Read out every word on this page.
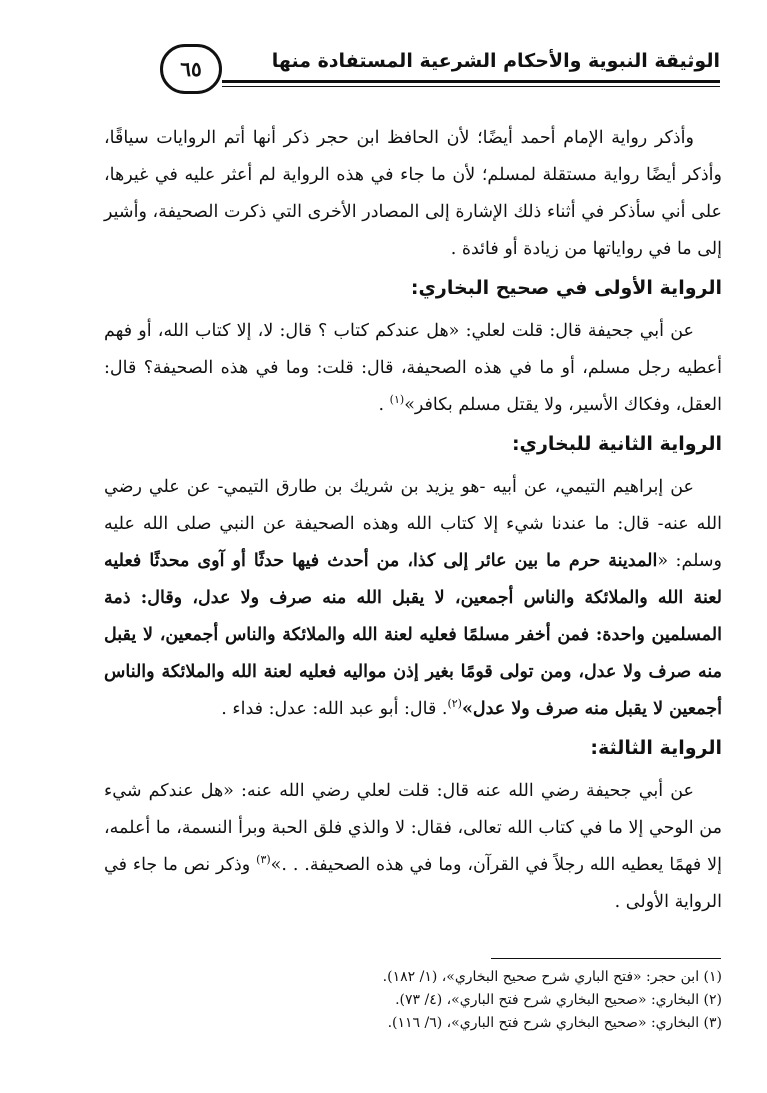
الوثيقة النبوية والأحكام الشرعية المستفادة منها
٦٥

وأذكر رواية الإمام أحمد أيضًا؛ لأن الحافظ ابن حجر ذكر أنها أتم الروايات سياقًا، وأذكر أيضًا رواية مستقلة لمسلم؛ لأن ما جاء في هذه الرواية لم أعثر عليه في غيرها، على أني سأذكر في أثناء ذلك الإشارة إلى المصادر الأخرى التي ذكرت الصحيفة، وأشير إلى ما في رواياتها من زيادة أو فائدة .

الرواية الأولى في صحيح البخاري:

عن أبي جحيفة قال: قلت لعلي: «هل عندكم كتاب ؟ قال: لا، إلا كتاب الله، أو فهم أعطيه رجل مسلم، أو ما في هذه الصحيفة، قال: قلت: وما في هذه الصحيفة؟ قال: العقل، وفكاك الأسير، ولا يقتل مسلم بكافر»$^{(١)}$ .

الرواية الثانية للبخاري:

عن إبراهيم التيمي، عن أبيه -هو يزيد بن شريك بن طارق التيمي- عن علي رضي الله عنه- قال: ما عندنا شيء إلا كتاب الله وهذه الصحيفة عن النبي صلى الله عليه وسلم: «المدينة حرم ما بين عائر إلى كذا، من أحدث فيها حدثًا أو آوى محدثًا فعليه لعنة الله والملائكة والناس أجمعين، لا يقبل الله منه صرف ولا عدل، وقال: ذمة المسلمين واحدة: فمن أخفر مسلمًا فعليه لعنة الله والملائكة والناس أجمعين، لا يقبل منه صرف ولا عدل، ومن تولى قومًا بغير إذن مواليه فعليه لعنة الله والملائكة والناس أجمعين لا يقبل منه صرف ولا عدل»$^{(٢)}$. قال: أبو عبد الله: عدل: فداء .

الرواية الثالثة:

عن أبي جحيفة رضي الله عنه قال: قلت لعلي رضي الله عنه: «هل عندكم شيء من الوحي إلا ما في كتاب الله تعالى، فقال: لا والذي فلق الحبة وبرأ النسمة، ما أعلمه، إلا فهمًا يعطيه الله رجلاً في القرآن، وما في هذه الصحيفة. . .»$^{(٣)}$ وذكر نص ما جاء في الرواية الأولى .

(١) ابن حجر: «فتح الباري شرح صحيح البخاري»، (١/ ١٨٢).

(٢) البخاري: «صحيح البخاري شرح فتح الباري»، (٤/ ٧٣).

(٣) البخاري: «صحيح البخاري شرح فتح الباري»، (٦/ ١١٦).
